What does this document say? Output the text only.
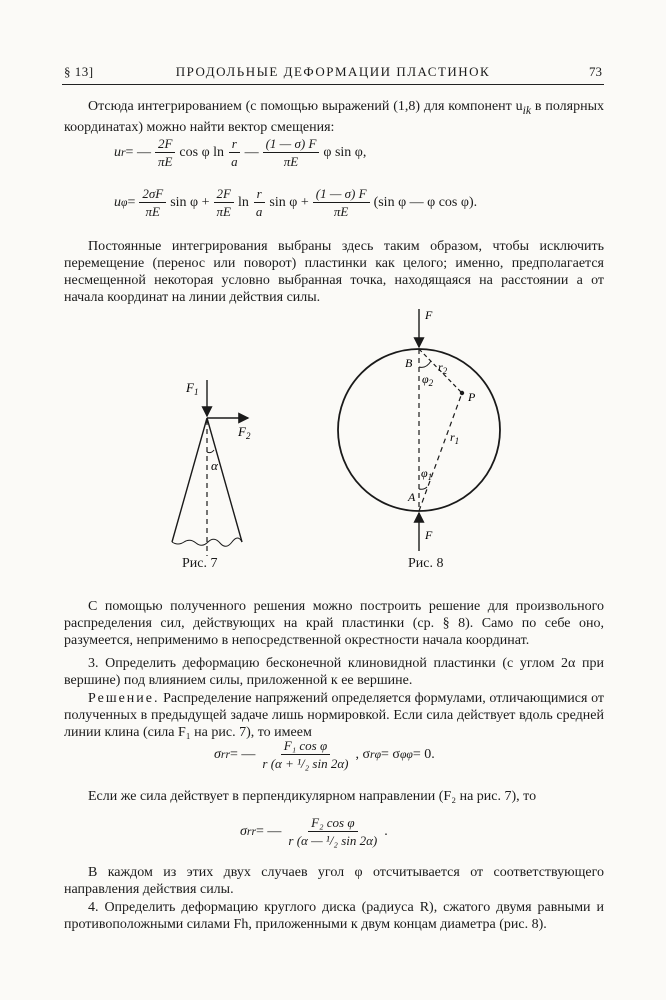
§ 13]	ПРОДОЛЬНЫЕ ДЕФОРМАЦИИ ПЛАСТИНОК	73

Отсюда интегрированием (с помощью выражений (1,8) для компонент $u_{ik}$ в полярных координатах) можно найти вектор смещения:

u r = — $\frac{2F}{\pi E}$ cos φ $\ln \frac{r}{a}$ — $\frac{(1 — \sigma) F}{\pi E}$ φ sin φ,
u $\varphi = \frac{2\sigma F}{\pi E}$ $\sin \varphi + \frac{2F}{\pi E}$ $\ln \frac{r}{a}$ $\sin \varphi + \frac{(1 — \sigma) F}{\pi E} (\sin$ φ — φ cos φ).

Постоянные интегрирования выбраны здесь таким образом, чтобы исключить перемещение (перенос или поворот) пластинки как целого; именно, предполагается несмещенной некоторая условно выбранная точка, находящаяся на расстоянии a от начала координат на линии действия силы.

$F_1$
$F_2$
α
Рис. 7
F
F
B
A
P
$r_2$
$r_1$
$\varphi_2$
$\varphi_1$
Рис. 8

С помощью полученного решения можно построить решение для произвольного распределения сил, действующих на край пластинки (ср. § 8). Само по себе оно, разумеется, неприменимо в непосредственной окрестности начала координат.

3. Определить деформацию бесконечной клиновидной пластинки (с углом 2α при вершине) под влиянием силы, приложенной к ее вершине.

Решение. Распределение напряжений определяется формулами, отличающимися от полученных в предыдущей задаче лишь нормировкой. Если сила действует вдоль средней линии клина (сила F₁ на рис. 7), то имеем

σ rr = — $\frac{\text{F₁ cos φ}}{\text{r (α + ¹/₂ sin 2α)}}$ , σ rφ = σ φφ = 0.

Если же сила действует в перпендикулярном направлении (F₂ на рис. 7), то

σ rr = — $\frac{\text{F₂ cos φ}}{\text{r (α — ¹/₂ sin 2α)}}$ .

В каждом из этих двух случаев угол φ отсчитывается от соответствующего направления действия силы.

4. Определить деформацию круглого диска (радиуса R), сжатого двумя равными и противоположными силами Fh, приложенными к двум концам диаметра (рис. 8).
